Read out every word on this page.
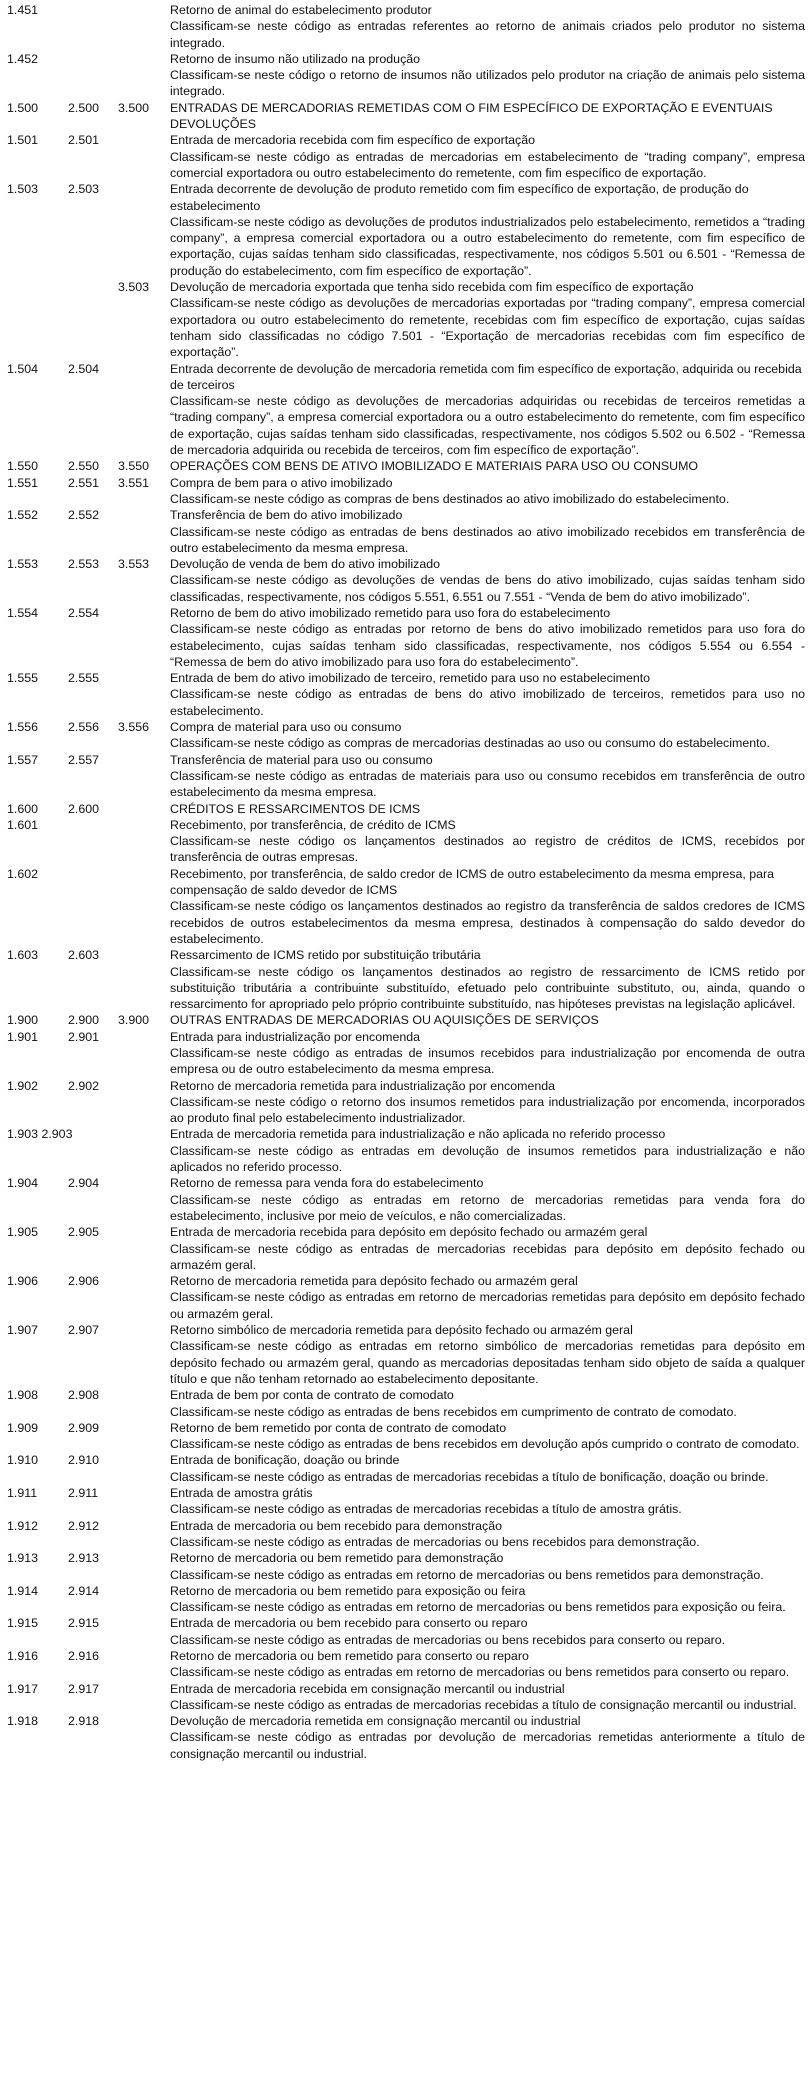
1.451	Retorno de animal do estabelecimento produtor
Classificam-se neste código as entradas referentes ao retorno de animais criados pelo produtor no sistema integrado.
1.452	Retorno de insumo não utilizado na produção
Classificam-se neste código o retorno de insumos não utilizados pelo produtor na criação de animais pelo sistema integrado.
1.500 2.500 3.500 ENTRADAS DE MERCADORIAS REMETIDAS COM O FIM ESPECÍFICO DE EXPORTAÇÃO E EVENTUAIS DEVOLUÇÕES
1.501 2.501	Entrada de mercadoria recebida com fim específico de exportação
Classificam-se neste código as entradas de mercadorias em estabelecimento de “trading company”, empresa comercial exportadora ou outro estabelecimento do remetente, com fim específico de exportação.
1.503 2.503	Entrada decorrente de devolução de produto remetido com fim específico de exportação, de produção do estabelecimento
Classificam-se neste código as devoluções de produtos industrializados pelo estabelecimento, remetidos a “trading company”, a empresa comercial exportadora ou a outro estabelecimento do remetente, com fim específico de exportação, cujas saídas tenham sido classificadas, respectivamente, nos códigos 5.501 ou 6.501 - “Remessa de produção do estabelecimento, com fim específico de exportação”.
3.503 Devolução de mercadoria exportada que tenha sido recebida com fim específico de exportação
Classificam-se neste código as devoluções de mercadorias exportadas por “trading company”, empresa comercial exportadora ou outro estabelecimento do remetente, recebidas com fim específico de exportação, cujas saídas tenham sido classificadas no código 7.501 - “Exportação de mercadorias recebidas com fim específico de exportação”.
1.504 2.504	Entrada decorrente de devolução de mercadoria remetida com fim específico de exportação, adquirida ou recebida de terceiros
Classificam-se neste código as devoluções de mercadorias adquiridas ou recebidas de terceiros remetidas a “trading company”, a empresa comercial exportadora ou a outro estabelecimento do remetente, com fim específico de exportação, cujas saídas tenham sido classificadas, respectivamente, nos códigos 5.502 ou 6.502 - “Remessa de mercadoria adquirida ou recebida de terceiros, com fim específico de exportação”.
1.550 2.550 3.550 OPERAÇÕES COM BENS DE ATIVO IMOBILIZADO E MATERIAIS PARA USO OU CONSUMO
1.551 2.551 3.551 Compra de bem para o ativo imobilizado
Classificam-se neste código as compras de bens destinados ao ativo imobilizado do estabelecimento.
1.552 2.552	Transferência de bem do ativo imobilizado
Classificam-se neste código as entradas de bens destinados ao ativo imobilizado recebidos em transferência de outro estabelecimento da mesma empresa.
1.553 2.553 3.553 Devolução de venda de bem do ativo imobilizado
Classificam-se neste código as devoluções de vendas de bens do ativo imobilizado, cujas saídas tenham sido classificadas, respectivamente, nos códigos 5.551, 6.551 ou 7.551 - “Venda de bem do ativo imobilizado”.
1.554 2.554	Retorno de bem do ativo imobilizado remetido para uso fora do estabelecimento
Classificam-se neste código as entradas por retorno de bens do ativo imobilizado remetidos para uso fora do estabelecimento, cujas saídas tenham sido classificadas, respectivamente, nos códigos 5.554 ou 6.554 - “Remessa de bem do ativo imobilizado para uso fora do estabelecimento”.
1.555 2.555	Entrada de bem do ativo imobilizado de terceiro, remetido para uso no estabelecimento
Classificam-se neste código as entradas de bens do ativo imobilizado de terceiros, remetidos para uso no estabelecimento.
1.556 2.556 3.556 Compra de material para uso ou consumo
Classificam-se neste código as compras de mercadorias destinadas ao uso ou consumo do estabelecimento.
1.557 2.557	Transferência de material para uso ou consumo
Classificam-se neste código as entradas de materiais para uso ou consumo recebidos em transferência de outro estabelecimento da mesma empresa.
1.600 2.600	CRÉDITOS E RESSARCIMENTOS DE ICMS
1.601	Recebimento, por transferência, de crédito de ICMS
Classificam-se neste código os lançamentos destinados ao registro de créditos de ICMS, recebidos por transferência de outras empresas.
1.602	Recebimento, por transferência, de saldo credor de ICMS de outro estabelecimento da mesma empresa, para compensação de saldo devedor de ICMS
Classificam-se neste código os lançamentos destinados ao registro da transferência de saldos credores de ICMS recebidos de outros estabelecimentos da mesma empresa, destinados à compensação do saldo devedor do estabelecimento.
1.603 2.603	Ressarcimento de ICMS retido por substituição tributária
Classificam-se neste código os lançamentos destinados ao registro de ressarcimento de ICMS retido por substituição tributária a contribuinte substituído, efetuado pelo contribuinte substituto, ou, ainda, quando o ressarcimento for apropriado pelo próprio contribuinte substituído, nas hipóteses previstas na legislação aplicável.
1.900 2.900 3.900 OUTRAS ENTRADAS DE MERCADORIAS OU AQUISIÇÕES DE SERVIÇOS
1.901 2.901	Entrada para industrialização por encomenda
Classificam-se neste código as entradas de insumos recebidos para industrialização por encomenda de outra empresa ou de outro estabelecimento da mesma empresa.
1.902 2.902	Retorno de mercadoria remetida para industrialização por encomenda
Classificam-se neste código o retorno dos insumos remetidos para industrialização por encomenda, incorporados ao produto final pelo estabelecimento industrializador.
1.903 2.903	Entrada de mercadoria remetida para industrialização e não aplicada no referido processo
Classificam-se neste código as entradas em devolução de insumos remetidos para industrialização e não aplicados no referido processo.
1.904 2.904	Retorno de remessa para venda fora do estabelecimento
Classificam-se neste código as entradas em retorno de mercadorias remetidas para venda fora do estabelecimento, inclusive por meio de veículos, e não comercializadas.
1.905 2.905	Entrada de mercadoria recebida para depósito em depósito fechado ou armazém geral
Classificam-se neste código as entradas de mercadorias recebidas para depósito em depósito fechado ou armazém geral.
1.906 2.906	Retorno de mercadoria remetida para depósito fechado ou armazém geral
Classificam-se neste código as entradas em retorno de mercadorias remetidas para depósito em depósito fechado ou armazém geral.
1.907 2.907	Retorno simbólico de mercadoria remetida para depósito fechado ou armazém geral
Classificam-se neste código as entradas em retorno simbólico de mercadorias remetidas para depósito em depósito fechado ou armazém geral, quando as mercadorias depositadas tenham sido objeto de saída a qualquer título e que não tenham retornado ao estabelecimento depositante.
1.908 2.908	Entrada de bem por conta de contrato de comodato
Classificam-se neste código as entradas de bens recebidos em cumprimento de contrato de comodato.
1.909 2.909	Retorno de bem remetido por conta de contrato de comodato
Classificam-se neste código as entradas de bens recebidos em devolução após cumprido o contrato de comodato.
1.910 2.910	Entrada de bonificação, doação ou brinde
Classificam-se neste código as entradas de mercadorias recebidas a título de bonificação, doação ou brinde.
1.911 2.911	Entrada de amostra grátis
Classificam-se neste código as entradas de mercadorias recebidas a título de amostra grátis.
1.912 2.912	Entrada de mercadoria ou bem recebido para demonstração
Classificam-se neste código as entradas de mercadorias ou bens recebidos para demonstração.
1.913 2.913	Retorno de mercadoria ou bem remetido para demonstração
Classificam-se neste código as entradas em retorno de mercadorias ou bens remetidos para demonstração.
1.914 2.914	Retorno de mercadoria ou bem remetido para exposição ou feira
Classificam-se neste código as entradas em retorno de mercadorias ou bens remetidos para exposição ou feira.
1.915 2.915	Entrada de mercadoria ou bem recebido para conserto ou reparo
Classificam-se neste código as entradas de mercadorias ou bens recebidos para conserto ou reparo.
1.916 2.916	Retorno de mercadoria ou bem remetido para conserto ou reparo
Classificam-se neste código as entradas em retorno de mercadorias ou bens remetidos para conserto ou reparo.
1.917 2.917	Entrada de mercadoria recebida em consignação mercantil ou industrial
Classificam-se neste código as entradas de mercadorias recebidas a título de consignação mercantil ou industrial.
1.918 2.918	Devolução de mercadoria remetida em consignação mercantil ou industrial
Classificam-se neste código as entradas por devolução de mercadorias remetidas anteriormente a título de consignação mercantil ou industrial.
